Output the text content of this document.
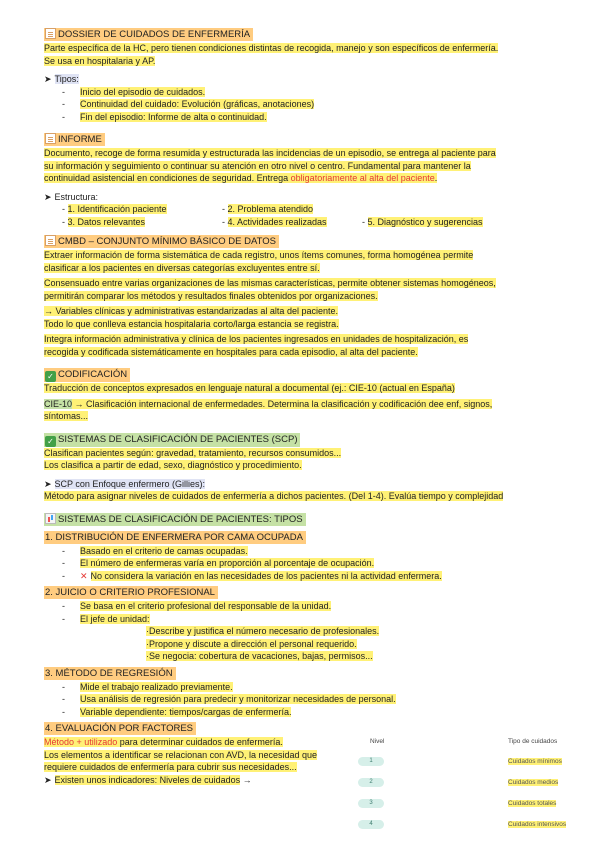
DOSSIER DE CUIDADOS DE ENFERMERÍA
Parte específica de la HC, pero tienen condiciones distintas de recogida, manejo y son específicos de enfermería.
Se usa en hospitalaria y AP.
➤ Tipos:
- Inicio del episodio de cuidados.
- Continuidad del cuidado: Evolución (gráficas, anotaciones)
- Fin del episodio: Informe de alta o continuidad.
INFORME
Documento, recoge de forma resumida y estructurada las incidencias de un episodio, se entrega al paciente para
su información y seguimiento o continuar su atención en otro nivel o centro. Fundamental para mantener la
continuidad asistencial en condiciones de seguridad. Entrega obligatoriamente al alta del paciente.
➤ Estructura:
- 1. Identificación paciente	- 2. Problema atendido
- 3. Datos relevantes	- 4. Actividades realizadas	- 5. Diagnóstico y sugerencias
CMBD – CONJUNTO MÍNIMO BÁSICO DE DATOS
Extraer información de forma sistemática de cada registro, unos ítems comunes, forma homogénea permite
clasificar a los pacientes en diversas categorías excluyentes entre sí.
Consensuado entre varias organizaciones de las mismas características, permite obtener sistemas homogéneos,
permitirán comparar los métodos y resultados finales obtenidos por organizaciones.
→ Variables clínicas y administrativas estandarizadas al alta del paciente.
Todo lo que conlleva estancia hospitalaria corto/larga estancia se registra.
Integra información administrativa y clínica de los pacientes ingresados en unidades de hospitalización, es
recogida y codificada sistemáticamente en hospitales para cada episodio, al alta del paciente.
✓ CODIFICACIÓN
Traducción de conceptos expresados en lenguaje natural a documental (ej.: CIE-10 (actual en España)
CIE-10 → Clasificación internacional de enfermedades. Determina la clasificación y codificación dee enf, signos,
síntomas...
✓ SISTEMAS DE CLASIFICACIÓN DE PACIENTES (SCP)
Clasifican pacientes según: gravedad, tratamiento, recursos consumidos...
Los clasifica a partir de edad, sexo, diagnóstico y procedimiento.
➤ SCP con Enfoque enfermero (Gillies):
Método para asignar niveles de cuidados de enfermería a dichos pacientes. (Del 1-4). Evalúa tiempo y complejidad
SISTEMAS DE CLASIFICACIÓN DE PACIENTES: TIPOS
1. DISTRIBUCIÓN DE ENFERMERA POR CAMA OCUPADA
- Basado en el criterio de camas ocupadas.
- El número de enfermeras varía en proporción al porcentaje de ocupación.
- ✕ No considera la variación en las necesidades de los pacientes ni la actividad enfermera.
2. JUICIO O CRITERIO PROFESIONAL
- Se basa en el criterio profesional del responsable de la unidad.
- El jefe de unidad:
·Describe y justifica el número necesario de profesionales.
·Propone y discute a dirección el personal requerido.
·Se negocia: cobertura de vacaciones, bajas, permisos...
3. MÉTODO DE REGRESIÓN
- Mide el trabajo realizado previamente.
- Usa análisis de regresión para predecir y monitorizar necesidades de personal.
- Variable dependiente: tiempos/cargas de enfermería.
4. EVALUACIÓN POR FACTORES
Método + utilizado para determinar cuidados de enfermería.
Los elementos a identificar se relacionan con AVD, la necesidad que
requiere cuidados de enfermería para cubrir sus necesidades...
➤ Existen unos indicadores: Niveles de cuidados →
Nivel	Tipo de cuidados
1	Cuidados mínimos
2	Cuidados medios
3	Cuidados totales
4	Cuidados intensivos
